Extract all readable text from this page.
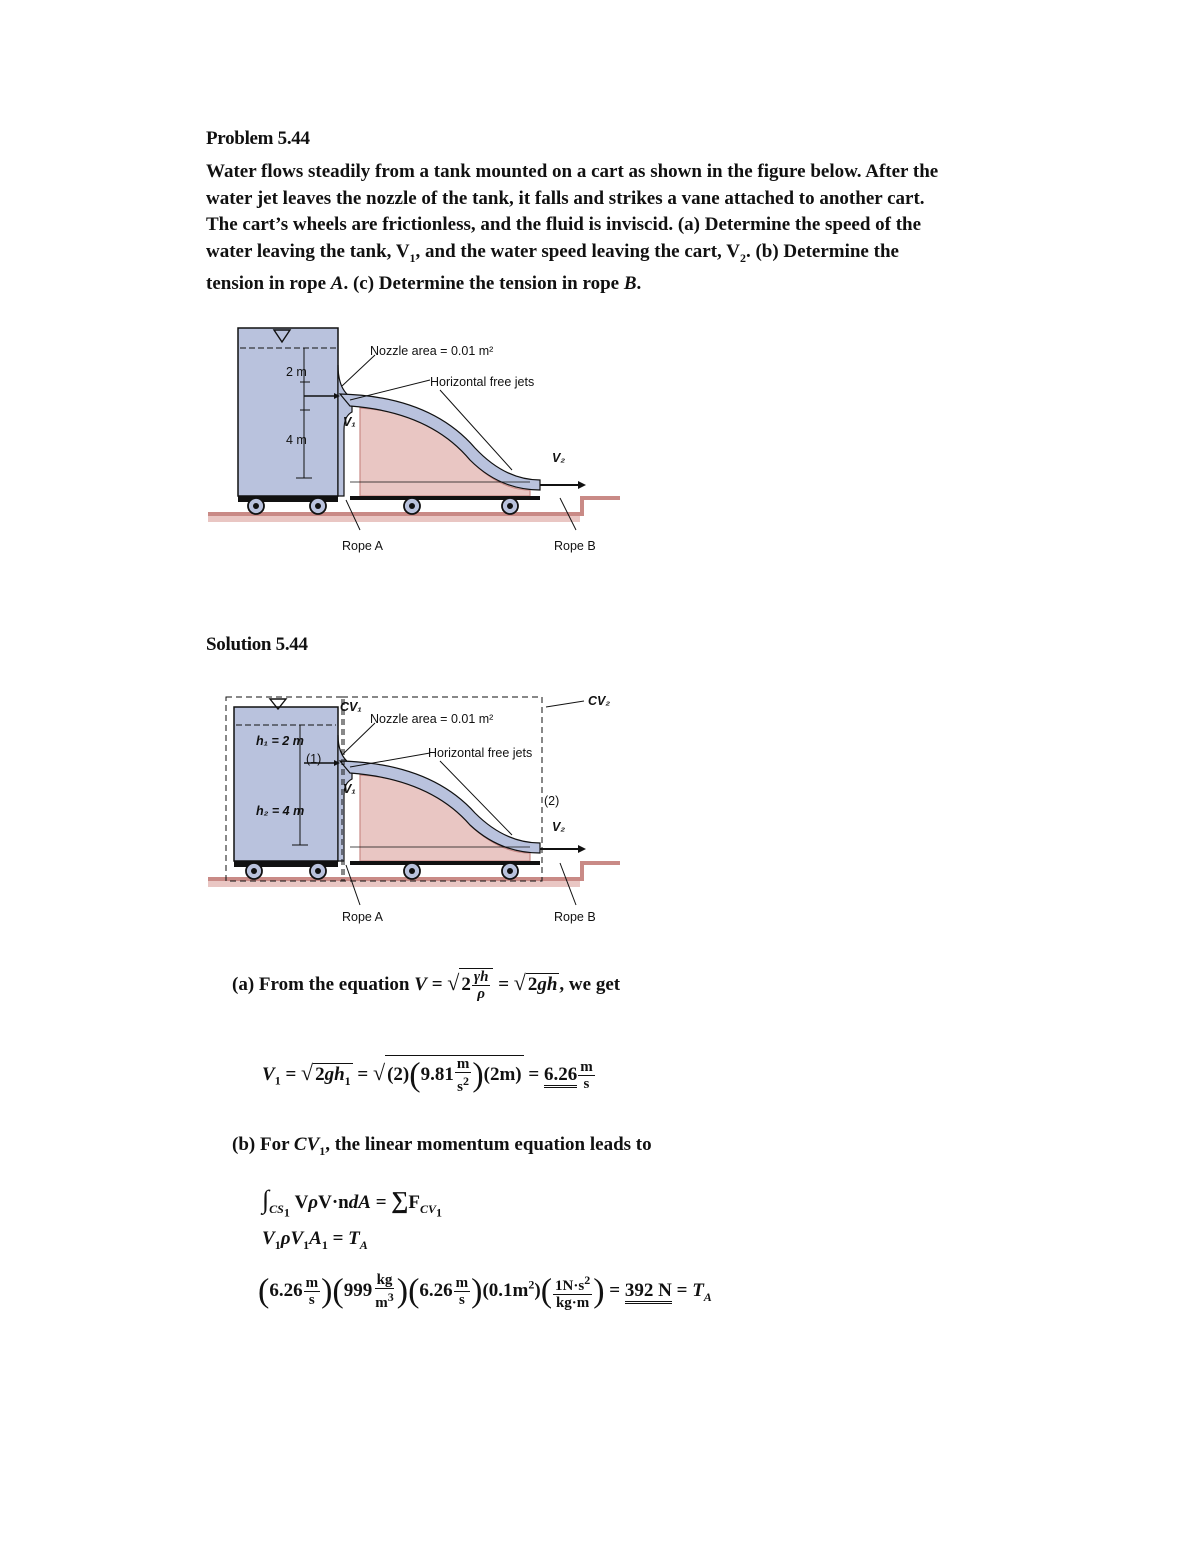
Problem 5.44
Water flows steadily from a tank mounted on a cart as shown in the figure below. After the
water jet leaves the nozzle of the tank, it falls and strikes a vane attached to another cart.
The cart’s wheels are frictionless, and the fluid is inviscid. (a) Determine the speed of the
water leaving the tank, $V_1$, and the water speed leaving the cart, $V_2$. (b) Determine the
tension in rope A. (c) Determine the tension in rope B.
Nozzle area = 0.01 m²
Horizontal free jets
2 m
4 m
V₁
V₂
Rope A	Rope B
Solution 5.44
Nozzle area = 0.01 m²
Horizontal free jets
h₁ = 2 m
h₂ = 4 m
(1)
(2)
CV₁	CV₂
V₁
V₂
Rope A	Rope B
(a) From the equation V = √ $2 \frac{\gamma h}{\rho}$ = √ 2gh , we get
$V_1$ = √ $2gh_1$ = √ $(2)(9.81 \frac{m}{s^2} )(2m) = 6.26 \frac{m}{s}$
(b) For $CV_1$, the linear momentum equation leads to
$\int_{CS_1}$ $V\rho V\cdot ndA = \sum F_{CV_1}$
$V_1\rho V_1A_1 = T_A$
$(6.26 \frac{m}{s} )(999 \frac{kg}{m^3} )(6.26 \frac{m}{s} )(0.1m^2)( \frac{1N\cdot s^2}{kg\cdot m}$ ) = 392 $N = T_A$
